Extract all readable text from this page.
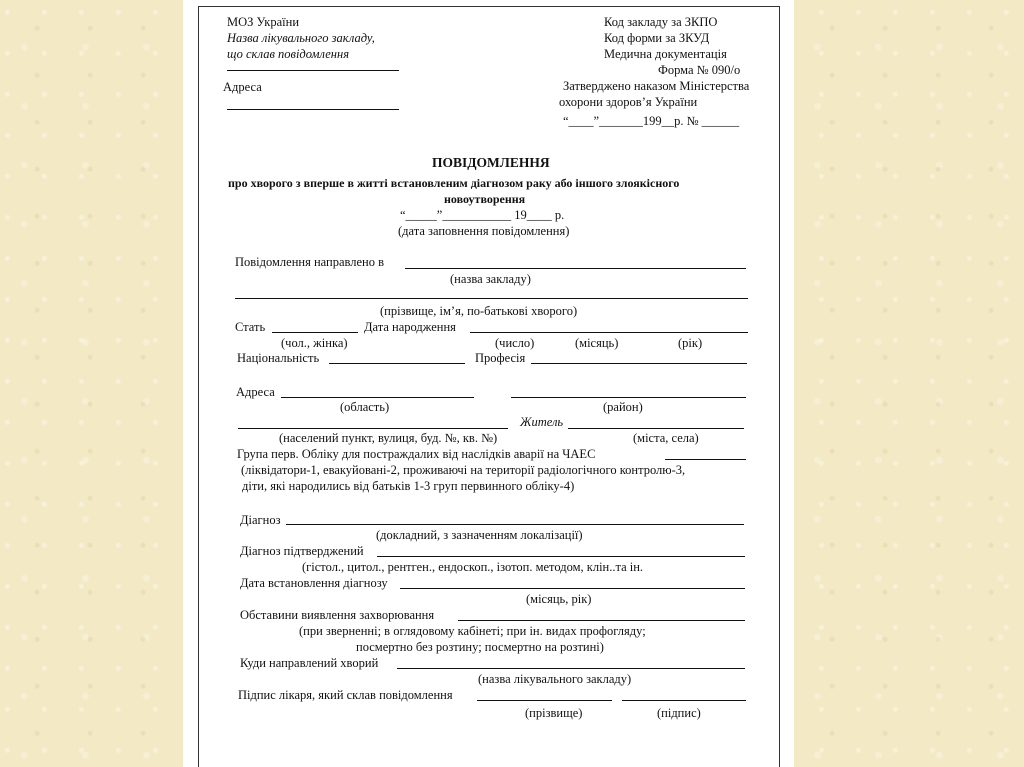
МОЗ України
Назва лікувального закладу,
що склав повідомлення
Адреса
Код закладу за ЗКПО
Код форми за ЗКУД
Медична документація
Форма № 090/о
Затверджено наказом Міністерства
охорони здоров’я України
“____”_______199__р. № ______
ПОВІДОМЛЕННЯ
про хворого з вперше в житті встановленим діагнозом раку або іншого злоякісного
новоутворення
“_____”___________ 19____ р.
(дата заповнення повідомлення)
Повідомлення направлено в
(назва закладу)
(прізвище, ім’я, по-батькові хворого)
Стать	Дата народження
(чол., жінка)	(число)	(місяць)	(рік)
Національність	Професія
Адреса
(область)	(район)
Житель
(населений пункт, вулиця, буд. №, кв. №)	(міста, села)
Група перв. Обліку для постраждалих від наслідків аварії на ЧАЕС
(ліквідатори-1, евакуйовані-2, проживаючі на території радіологічного контролю-3,
діти, які народились від батьків 1-3 груп первинного обліку-4)
Діагноз
(докладний, з зазначенням локалізації)
Діагноз підтверджений
(гістол., цитол., рентген., ендоскоп., ізотоп. методом, клін..та ін.
Дата встановлення діагнозу
(місяць, рік)
Обставини виявлення захворювання
(при зверненні; в оглядовому кабінеті; при ін. видах профогляду;
посмертно без розтину; посмертно на розтині)
Куди направлений хворий
(назва лікувального закладу)
Підпис лікаря, який склав повідомлення
(прізвище)	(підпис)
